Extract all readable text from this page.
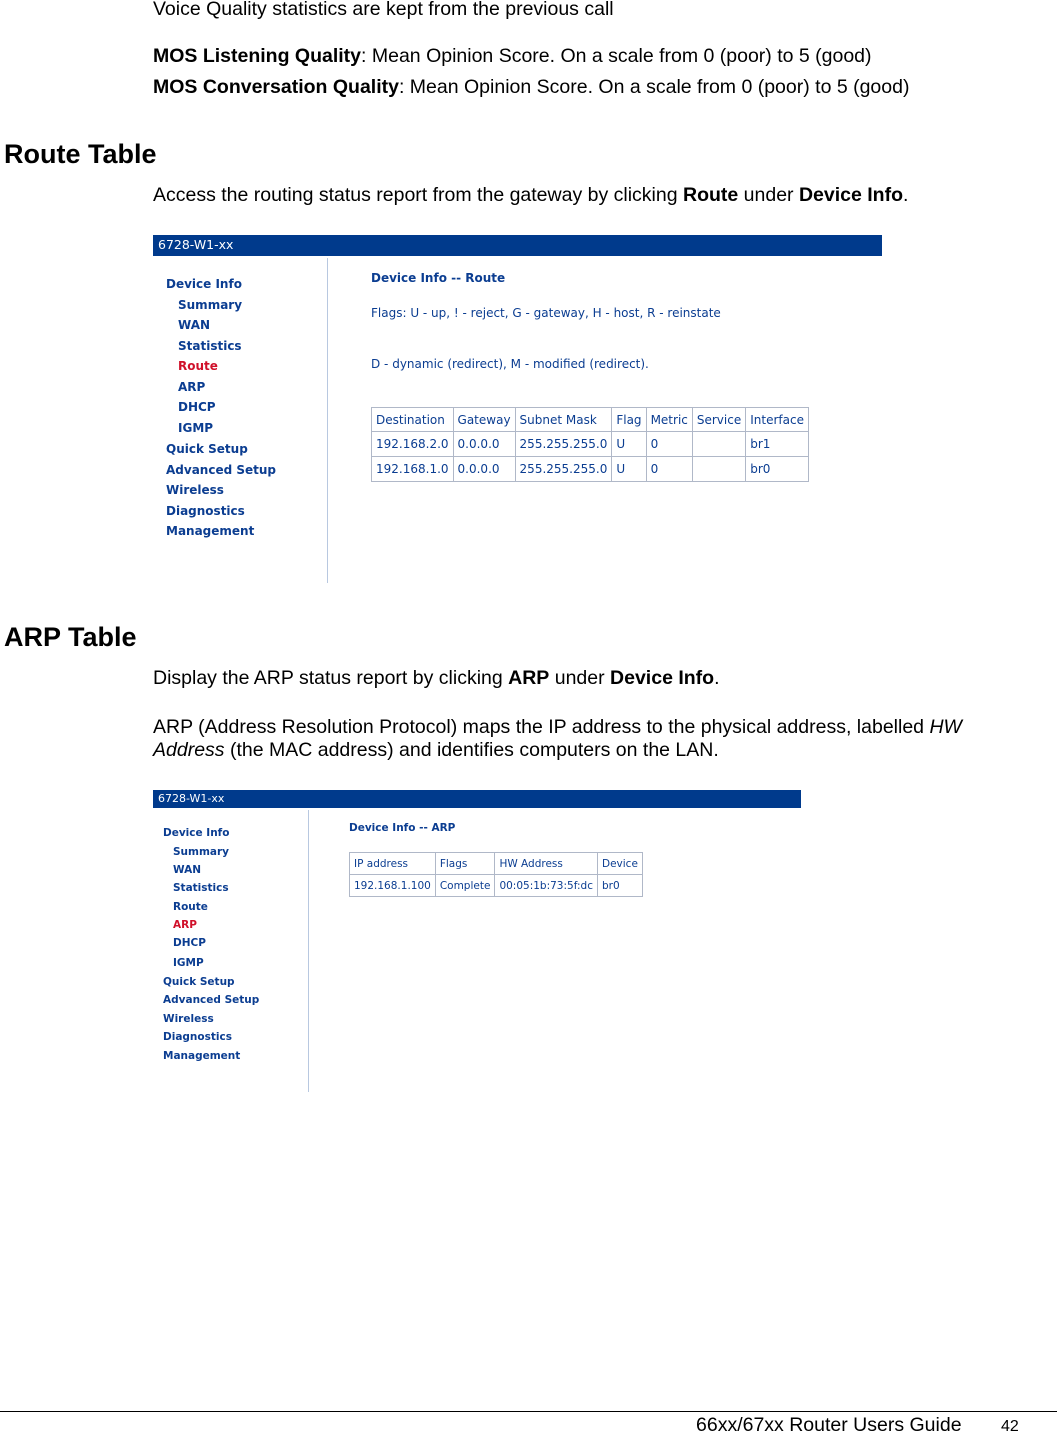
Voice Quality statistics are kept from the previous call
MOS Listening Quality: Mean Opinion Score. On a scale from 0 (poor) to 5 (good)
MOS Conversation Quality: Mean Opinion Score. On a scale from 0 (poor) to 5 (good)
Route Table
Access the routing status report from the gateway by clicking Route under Device Info.
6728-W1-xx
Device Info
Summary
WAN
Statistics
Route
ARP
DHCP
IGMP
Quick Setup
Advanced Setup
Wireless
Diagnostics
Management
Device Info -- Route
Flags: U - up, ! - reject, G - gateway, H - host, R - reinstate
D - dynamic (redirect), M - modified (redirect).
Destination	Gateway	Subnet Mask	Flag	Metric	Service	Interface
192.168.2.0	0.0.0.0	255.255.255.0	U	0		br1
192.168.1.0	0.0.0.0	255.255.255.0	U	0		br0
ARP Table
Display the ARP status report by clicking ARP under Device Info.
ARP (Address Resolution Protocol) maps the IP address to the physical address, labelled HW
Address (the MAC address) and identifies computers on the LAN.
6728-W1-xx
Device Info
Summary
WAN
Statistics
Route
ARP
DHCP
IGMP
Quick Setup
Advanced Setup
Wireless
Diagnostics
Management
Device Info -- ARP
IP address	Flags	HW Address	Device
192.168.1.100	Complete	00:05:1b:73:5f:dc	br0
66xx/67xx Router Users Guide 42
